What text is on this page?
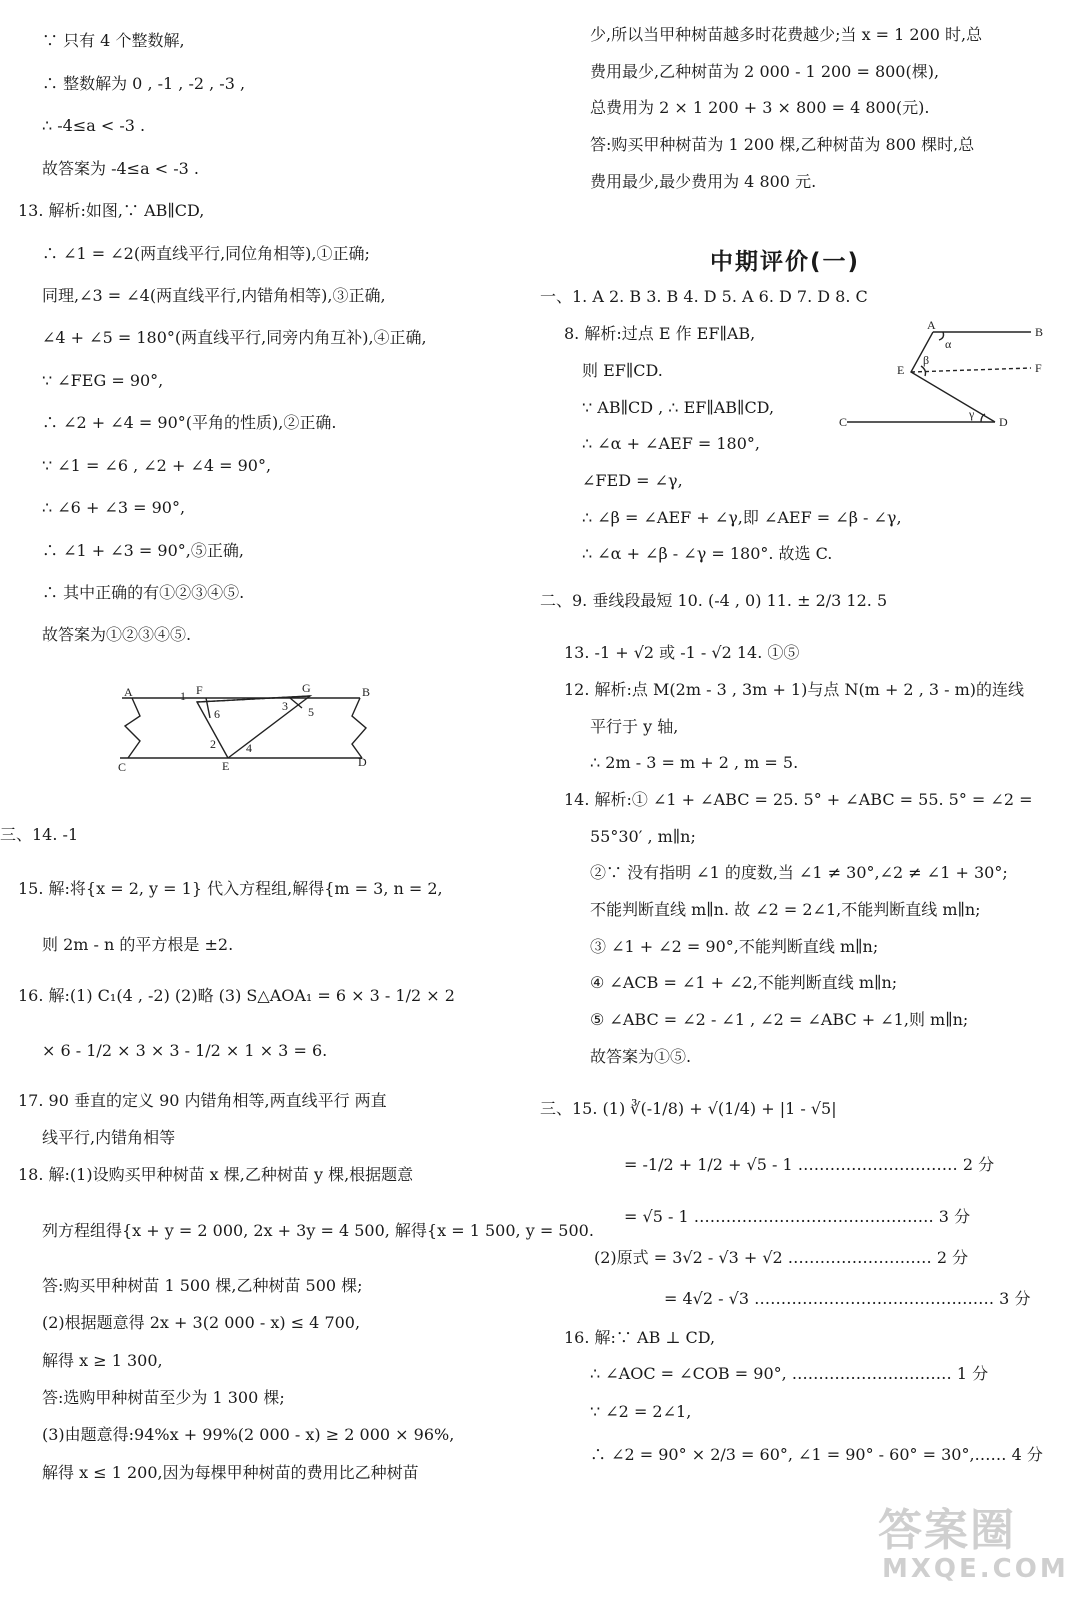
∵ 只有 4 个整数解,
∴ 整数解为 0 , -1 , -2 , -3 ,
∴ -4≤a < -3 .
故答案为 -4≤a < -3 .
13. 解析:如图,∵ AB∥CD,
∴ ∠1 = ∠2(两直线平行,同位角相等),①正确;
同理,∠3 = ∠4(两直线平行,内错角相等),③正确,
∠4 + ∠5 = 180°(两直线平行,同旁内角互补),④正确,
∵ ∠FEG = 90°,
∴ ∠2 + ∠4 = 90°(平角的性质),②正确.
∵ ∠1 = ∠6 , ∠2 + ∠4 = 90°,
∴ ∠6 + ∠3 = 90°,
∴ ∠1 + ∠3 = 90°,⑤正确,
∴ 其中正确的有①②③④⑤.
故答案为①②③④⑤.
A	B
C	D
E
F	G
1
2
3
4
5
6
三、14. -1
15. 解:将{x = 2, y = 1} 代入方程组,解得{m = 3, n = 2,
则 2m - n 的平方根是 ±2.
16. 解:(1) C₁(4 , -2) (2)略 (3) S△AOA₁ = 6 × 3 - 1/2 × 2
× 6 - 1/2 × 3 × 3 - 1/2 × 1 × 3 = 6.
17. 90 垂直的定义 90 内错角相等,两直线平行 两直
线平行,内错角相等
18. 解:(1)设购买甲种树苗 x 棵,乙种树苗 y 棵,根据题意
列方程组得{x + y = 2 000, 2x + 3y = 4 500, 解得{x = 1 500, y = 500.
答:购买甲种树苗 1 500 棵,乙种树苗 500 棵;
(2)根据题意得 2x + 3(2 000 - x) ≤ 4 700,
解得 x ≥ 1 300,
答:选购甲种树苗至少为 1 300 棵;
(3)由题意得:94%x + 99%(2 000 - x) ≥ 2 000 × 96%,
解得 x ≤ 1 200,因为每棵甲种树苗的费用比乙种树苗
少,所以当甲种树苗越多时花费越少;当 x = 1 200 时,总
费用最少,乙种树苗为 2 000 - 1 200 = 800(棵),
总费用为 2 × 1 200 + 3 × 800 = 4 800(元).
答:购买甲种树苗为 1 200 棵,乙种树苗为 800 棵时,总
费用最少,最少费用为 4 800 元.
中期评价(一)
一、1. A 2. B 3. B 4. D 5. A 6. D 7. D 8. C
8. 解析:过点 E 作 EF∥AB,
则 EF∥CD.
∵ AB∥CD , ∴ EF∥AB∥CD,
∴ ∠α + ∠AEF = 180°,
∠FED = ∠γ,
∴ ∠β = ∠AEF + ∠γ,即 ∠AEF = ∠β - ∠γ,
∴ ∠α + ∠β - ∠γ = 180°. 故选 C.
A	B
C	D
E	F
α
β
γ
二、9. 垂线段最短 10. (-4 , 0) 11. ± 2/3 12. 5
13. -1 + √2 或 -1 - √2 14. ①⑤
12. 解析:点 M(2m - 3 , 3m + 1)与点 N(m + 2 , 3 - m)的连线
平行于 y 轴,
∴ 2m - 3 = m + 2 , m = 5.
14. 解析:① ∠1 + ∠ABC = 25. 5° + ∠ABC = 55. 5° = ∠2 =
55°30′ , m∥n;
②∵ 没有指明 ∠1 的度数,当 ∠1 ≠ 30°,∠2 ≠ ∠1 + 30°;
不能判断直线 m∥n. 故 ∠2 = 2∠1,不能判断直线 m∥n;
③ ∠1 + ∠2 = 90°,不能判断直线 m∥n;
④ ∠ACB = ∠1 + ∠2,不能判断直线 m∥n;
⑤ ∠ABC = ∠2 - ∠1 , ∠2 = ∠ABC + ∠1,则 m∥n;
故答案为①⑤.
三、15. (1) ∛(-1/8) + √(1/4) + |1 - √5|
= -1/2 + 1/2 + √5 - 1 ………………………… 2 分
= √5 - 1 ……………………………………… 3 分
(2)原式 = 3√2 - √3 + √2 ……………………… 2 分
= 4√2 - √3 ……………………………………… 3 分
16. 解:∵ AB ⊥ CD,
∴ ∠AOC = ∠COB = 90°, ………………………… 1 分
∵ ∠2 = 2∠1,
∴ ∠2 = 90° × 2/3 = 60°, ∠1 = 90° - 60° = 30°,…… 4 分
答案圈
MXQE.COM
